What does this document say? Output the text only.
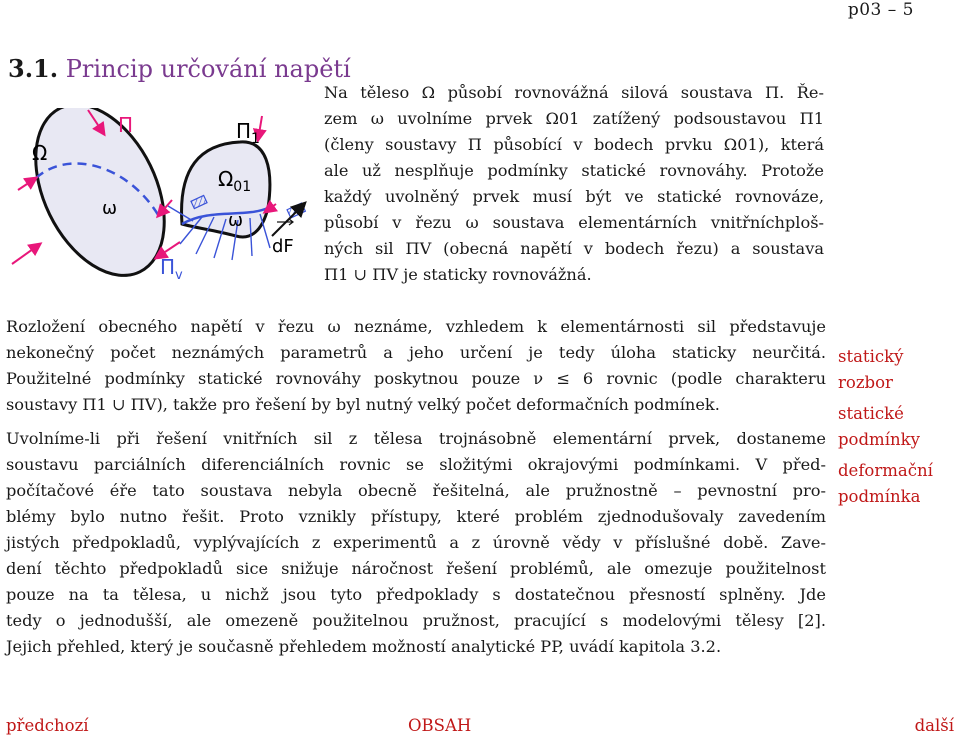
p03 – 5
3.1. Princip určování napětí
Ω
Π
ω
$\Pi_v$
dF
$\Pi_1$
$\Omega_{01}$
ω
Na těleso Ω působí rovnovážná silová soustava Π. Ře-
zem ω uvolníme prvek Ω01 zatížený podsoustavou Π1
(členy soustavy Π působící v bodech prvku Ω01), která
ale už nesplňuje podmínky statické rovnováhy. Protože
každý uvolněný prvek musí být ve statické rovnováze,
působí v řezu ω soustava elementárních vnitřníchploš-
ných sil ΠV (obecná napětí v bodech řezu) a soustava
Π1 ∪ ΠV je staticky rovnovážná.
Rozložení obecného napětí v řezu ω neznáme, vzhledem k elementárnosti sil představuje
nekonečný počet neznámých parametrů a jeho určení je tedy úloha staticky neurčitá.
Použitelné podmínky statické rovnováhy poskytnou pouze ν ≤ 6 rovnic (podle charakteru
soustavy Π1 ∪ ΠV), takže pro řešení by byl nutný velký počet deformačních podmínek.
Uvolníme-li při řešení vnitřních sil z tělesa trojnásobně elementární prvek, dostaneme
soustavu parciálních diferenciálních rovnic se složitými okrajovými podmínkami. V před-
počítačové éře tato soustava nebyla obecně řešitelná, ale pružnostně – pevnostní pro-
blémy bylo nutno řešit. Proto vznikly přístupy, které problém zjednodušovaly zavedením
jistých předpokladů, vyplývajících z experimentů a z úrovně vědy v příslušné době. Zave-
dení těchto předpokladů sice snižuje náročnost řešení problémů, ale omezuje použitelnost
pouze na ta tělesa, u nichž jsou tyto předpoklady s dostatečnou přesností splněny. Jde
tedy o jednodušší, ale omezeně použitelnou pružnost, pracující s modelovými tělesy [2].
Jejich přehled, který je současně přehledem možností analytické PP, uvádí kapitola 3.2.
statický rozbor
statické podmínky
deformační podmínka
předchozí	OBSAH	další
